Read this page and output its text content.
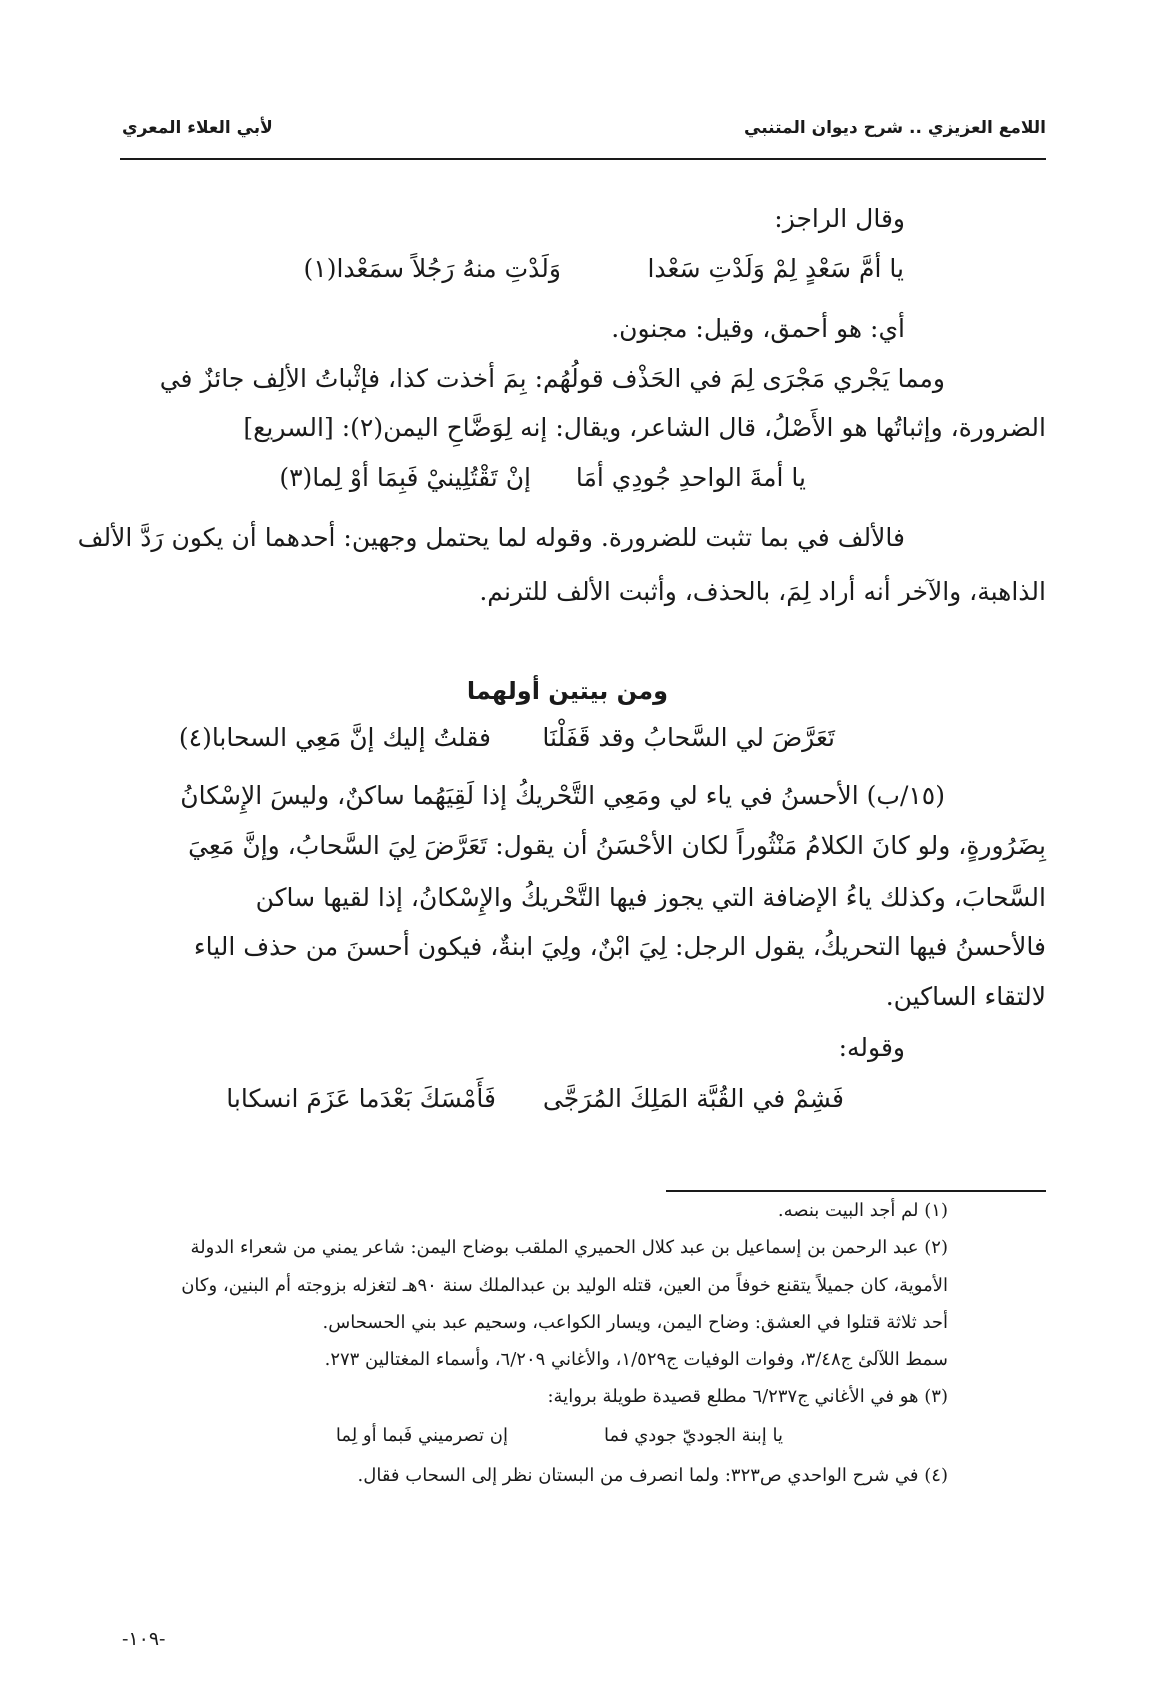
اللامع العزيزي .. شرح ديوان المتنبي
لأبي العلاء المعري
وقال الراجز:
يا أمَّ سَعْدٍ لِمْ وَلَدْتِ سَعْدا
وَلَدْتِ منهُ رَجُلاً سمَعْدا(١)
أي: هو أحمق، وقيل: مجنون.
ومما يَجْري مَجْرَى لِمَ في الحَذْف قولُهُم: بِمَ أخذت كذا، فإثْباتُ الألِف جائزٌ في
الضرورة، وإثباتُها هو الأَصْلُ، قال الشاعر، ويقال: إنه لِوَضَّاحِ اليمن(٢): [السريع]
يا أمةَ الواحدِ جُودِي أمَا
إنْ تَقْتُلِينيْ فَبِمَا أوْ لِما(٣)
فالألف في بما تثبت للضرورة. وقوله لما يحتمل وجهين: أحدهما أن يكون رَدَّ الألف
الذاهبة، والآخر أنه أراد لِمَ، بالحذف، وأثبت الألف للترنم.
ومن بيتين أولهما
تَعَرَّضَ لي السَّحابُ وقد قَفَلْنَا
فقلتُ إليك إنَّ مَعِي السحابا(٤)
(١٥/ب) الأحسنُ في ياء لي ومَعِي التَّحْريكُ إذا لَقِيَهُما ساكنٌ، وليسَ الإِسْكانُ
بِضَرُورةٍ، ولو كانَ الكلامُ مَنْثُوراً لكان الأحْسَنُ أن يقول: تَعَرَّضَ لِيَ السَّحابُ، وإنَّ مَعِيَ
السَّحابَ، وكذلك ياءُ الإضافة التي يجوز فيها التَّحْريكُ والإِسْكانُ، إذا لقيها ساكن
فالأحسنُ فيها التحريكُ، يقول الرجل: لِيَ ابْنٌ، ولِيَ ابنةٌ، فيكون أحسنَ من حذف الياء
لالتقاء الساكين.
وقوله:
فَشِمْ في القُبَّة المَلِكَ المُرَجَّى
فَأَمْسَكَ بَعْدَما عَزَمَ انسكابا
(١) لم أجد البيت بنصه.
(٢) عبد الرحمن بن إسماعيل بن عبد كلال الحميري الملقب بوضاح اليمن: شاعر يمني من شعراء الدولة
الأموية، كان جميلاً يتقنع خوفاً من العين، قتله الوليد بن عبدالملك سنة ٩٠هـ لتغزله بزوجته أم البنين، وكان
أحد ثلاثة قتلوا في العشق: وضاح اليمن، ويسار الكواعب، وسحيم عبد بني الحسحاس.
سمط اللآلئ ج٣/٤٨، وفوات الوفيات ج١/٥٢٩، والأغاني ٦/٢٠٩، وأسماء المغتالين ٢٧٣.
(٣) هو في الأغاني ج٦/٢٣٧ مطلع قصيدة طويلة برواية:
يا إبنة الجوديّ جودي فما
إن تصرميني فَبما أو لِما
(٤) في شرح الواحدي ص٣٢٣: ولما انصرف من البستان نظر إلى السحاب فقال.
-١٠٩-
